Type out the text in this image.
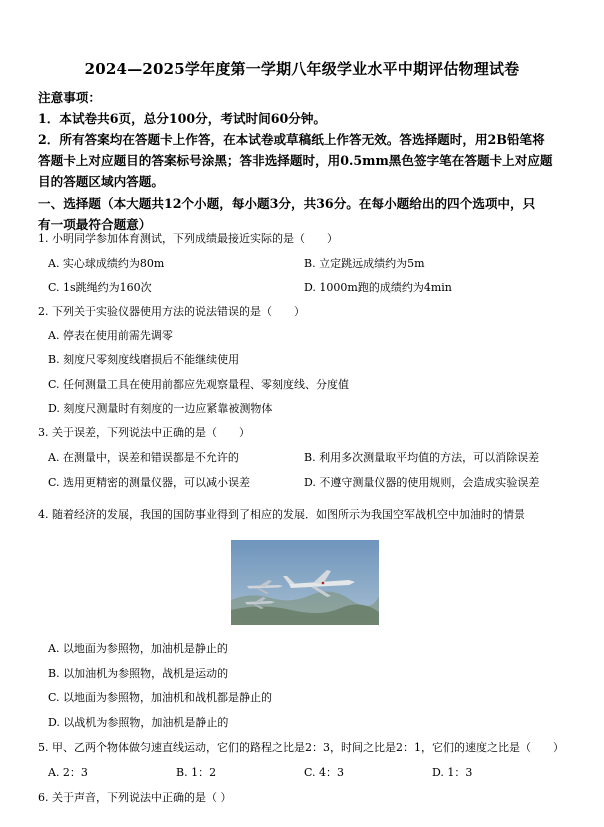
2024—2025学年度第一学期八年级学业水平中期评估物理试卷
注意事项：
1．本试卷共6页，总分100分，考试时间60分钟。
2．所有答案均在答题卡上作答，在本试卷或草稿纸上作答无效。答选择题时，用2B铅笔将
答题卡上对应题目的答案标号涂黑；答非选择题时，用0.5mm黑色签字笔在答题卡上对应题
目的答题区域内答题。
一、选择题（本大题共12个小题，每小题3分，共36分。在每小题给出的四个选项中，只
有一项最符合题意）
1. 小明同学参加体育测试，下列成绩最接近实际的是（　　）
A. 实心球成绩约为80m	B. 立定跳远成绩约为5m
C. 1s跳绳约为160次	D. 1000m跑的成绩约为4min
2. 下列关于实验仪器使用方法的说法错误的是（　　）
A. 停表在使用前需先调零
B. 刻度尺零刻度线磨损后不能继续使用
C. 任何测量工具在使用前都应先观察量程、零刻度线、分度值
D. 刻度尺测量时有刻度的一边应紧靠被测物体
3. 关于误差，下列说法中正确的是（　　）
A. 在测量中，误差和错误都是不允许的	B. 利用多次测量取平均值的方法，可以消除误差
C. 选用更精密的测量仪器，可以减小误差	D. 不遵守测量仪器的使用规则，会造成实验误差
4. 随着经济的发展，我国的国防事业得到了相应的发展．如图所示为我国空军战机空中加油时的情景
A. 以地面为参照物，加油机是静止的
B. 以加油机为参照物，战机是运动的
C. 以地面为参照物，加油机和战机都是静止的
D. 以战机为参照物，加油机是静止的
5. 甲、乙两个物体做匀速直线运动，它们的路程之比是2：3，时间之比是2：1，它们的速度之比是（　　）
A. 2：3	B. 1：2	C. 4：3	D. 1：3
6. 关于声音，下列说法中正确的是（ ）
